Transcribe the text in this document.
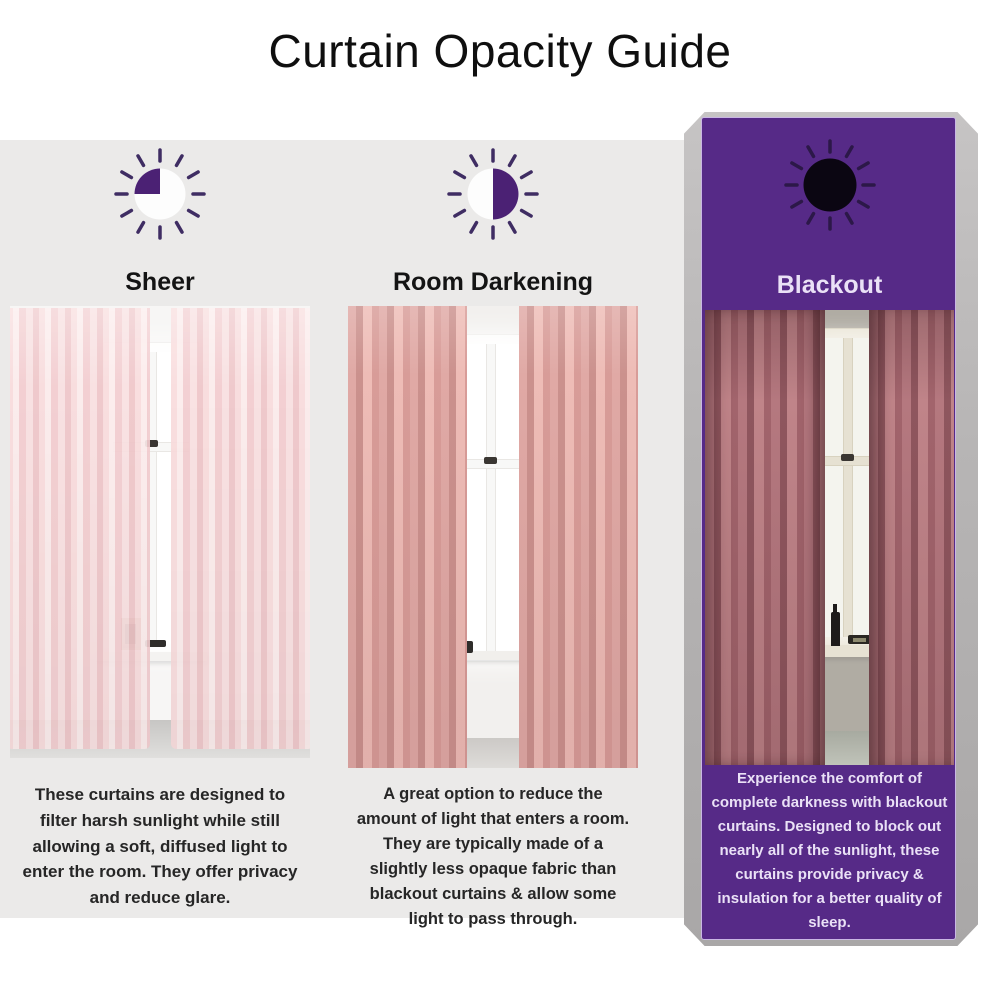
Curtain Opacity Guide
Sheer

These curtains are designed to filter harsh sunlight while still allowing a soft, diffused light to enter the room. They offer privacy and reduce glare.

Room Darkening

A great option to reduce the amount of light that enters a room. They are typically made of a slightly less opaque fabric than blackout curtains & allow some light to pass through.

Blackout

Experience the comfort of complete darkness with blackout curtains. Designed to block out nearly all of the sunlight, these curtains provide privacy & insulation for a better quality of sleep.
